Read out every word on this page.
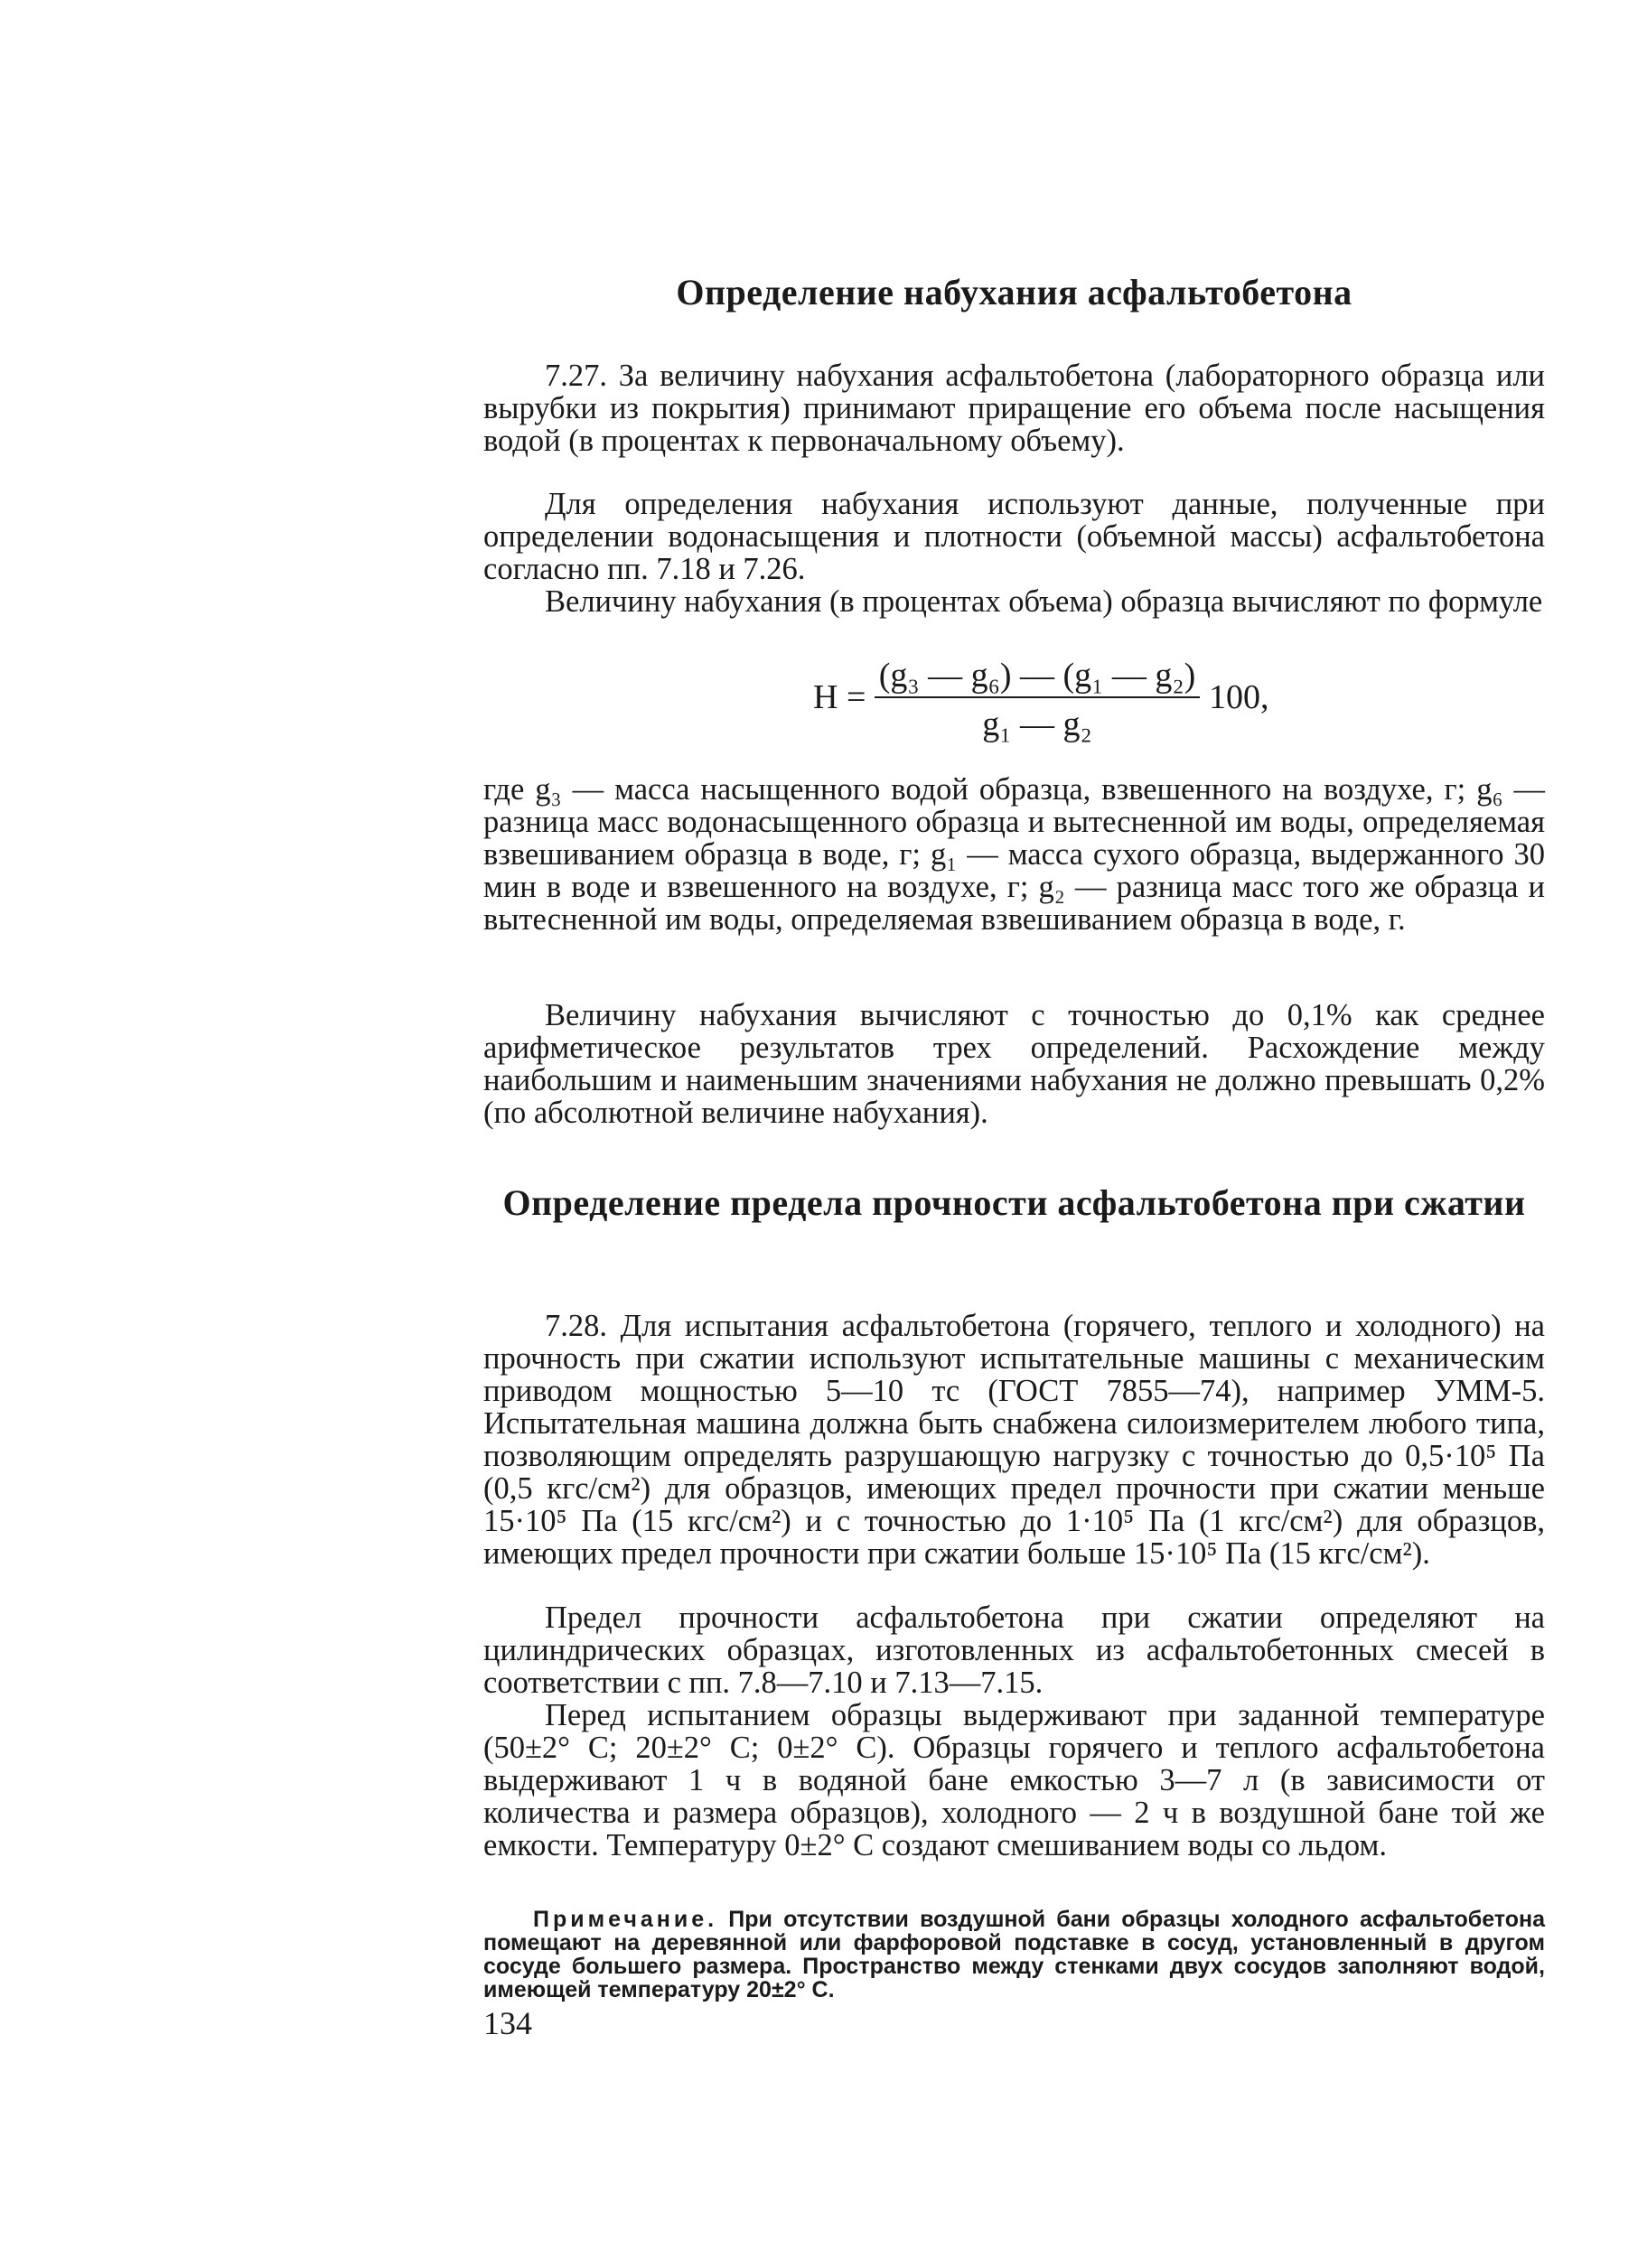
Определение набухания асфальтобетона

7.27. За величину набухания асфальтобетона (лабораторного образца или вырубки из покрытия) принимают приращение его объема после насыщения водой (в процентах к первоначальному объему).

Для определения набухания используют данные, полученные при определении водонасыщения и плотности (объемной массы) асфальтобетона согласно пп. 7.18 и 7.26.

Величину набухания (в процентах объема) образца вычисляют по формуле

H =
(g₃ — g₆) — (g₁ — g₂)
g₁ — g₂
100,

где g₃ — масса насыщенного водой образца, взвешенного на воздухе, г; g₆ — разница масс водонасыщенного образца и вытесненной им воды, определяемая взвешиванием образца в воде, г; g₁ — масса сухого образца, выдержанного 30 мин в воде и взвешенного на воздухе, г; g₂ — разница масс того же образца и вытесненной им воды, определяемая взвешиванием образца в воде, г.

Величину набухания вычисляют с точностью до 0,1% как среднее арифметическое результатов трех определений. Расхождение между наибольшим и наименьшим значениями набухания не должно превышать 0,2% (по абсолютной величине набухания).

Определение предела прочности асфальтобетона при сжатии

7.28. Для испытания асфальтобетона (горячего, теплого и холодного) на прочность при сжатии используют испытательные машины с механическим приводом мощностью 5—10 тс (ГОСТ 7855—74), например УММ-5. Испытательная машина должна быть снабжена силоизмерителем любого типа, позволяющим определять разрушающую нагрузку с точностью до 0,5·10⁵ Па (0,5 кгс/см²) для образцов, имеющих предел прочности при сжатии меньше 15·10⁵ Па (15 кгс/см²) и с точностью до 1·10⁵ Па (1 кгс/см²) для образцов, имеющих предел прочности при сжатии больше 15·10⁵ Па (15 кгс/см²).

Предел прочности асфальтобетона при сжатии определяют на цилиндрических образцах, изготовленных из асфальтобетонных смесей в соответствии с пп. 7.8—7.10 и 7.13—7.15.

Перед испытанием образцы выдерживают при заданной температуре (50±2° С; 20±2° С; 0±2° С). Образцы горячего и теплого асфальтобетона выдерживают 1 ч в водяной бане емкостью 3—7 л (в зависимости от количества и размера образцов), холодного — 2 ч в воздушной бане той же емкости. Температуру 0±2° С создают смешиванием воды со льдом.

Примечание. При отсутствии воздушной бани образцы холодного асфальтобетона помещают на деревянной или фарфоровой подставке в сосуд, установленный в другом сосуде большего размера. Пространство между стенками двух сосудов заполняют водой, имеющей температуру 20±2° С.

134
